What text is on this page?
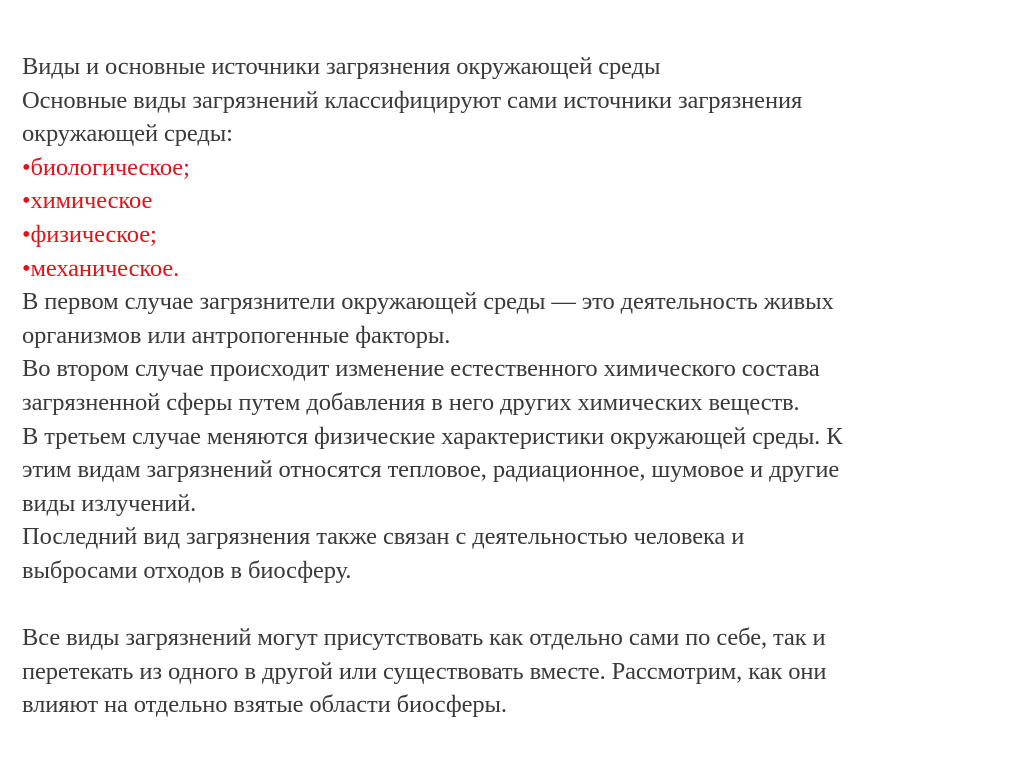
Виды и основные источники загрязнения окружающей среды
Основные виды загрязнений классифицируют сами источники загрязнения
окружающей среды:
•биологическое;
•химическое
•физическое;
•механическое.
В первом случае загрязнители окружающей среды — это деятельность живых
организмов или антропогенные факторы.
Во втором случае происходит изменение естественного химического состава
загрязненной сферы путем добавления в него других химических веществ.
В третьем случае меняются физические характеристики окружающей среды. К
этим видам загрязнений относятся тепловое, радиационное, шумовое и другие
виды излучений.
Последний вид загрязнения также связан с деятельностью человека и
выбросами отходов в биосферу.
Все виды загрязнений могут присутствовать как отдельно сами по себе, так и
перетекать из одного в другой или существовать вместе. Рассмотрим, как они
влияют на отдельно взятые области биосферы.
